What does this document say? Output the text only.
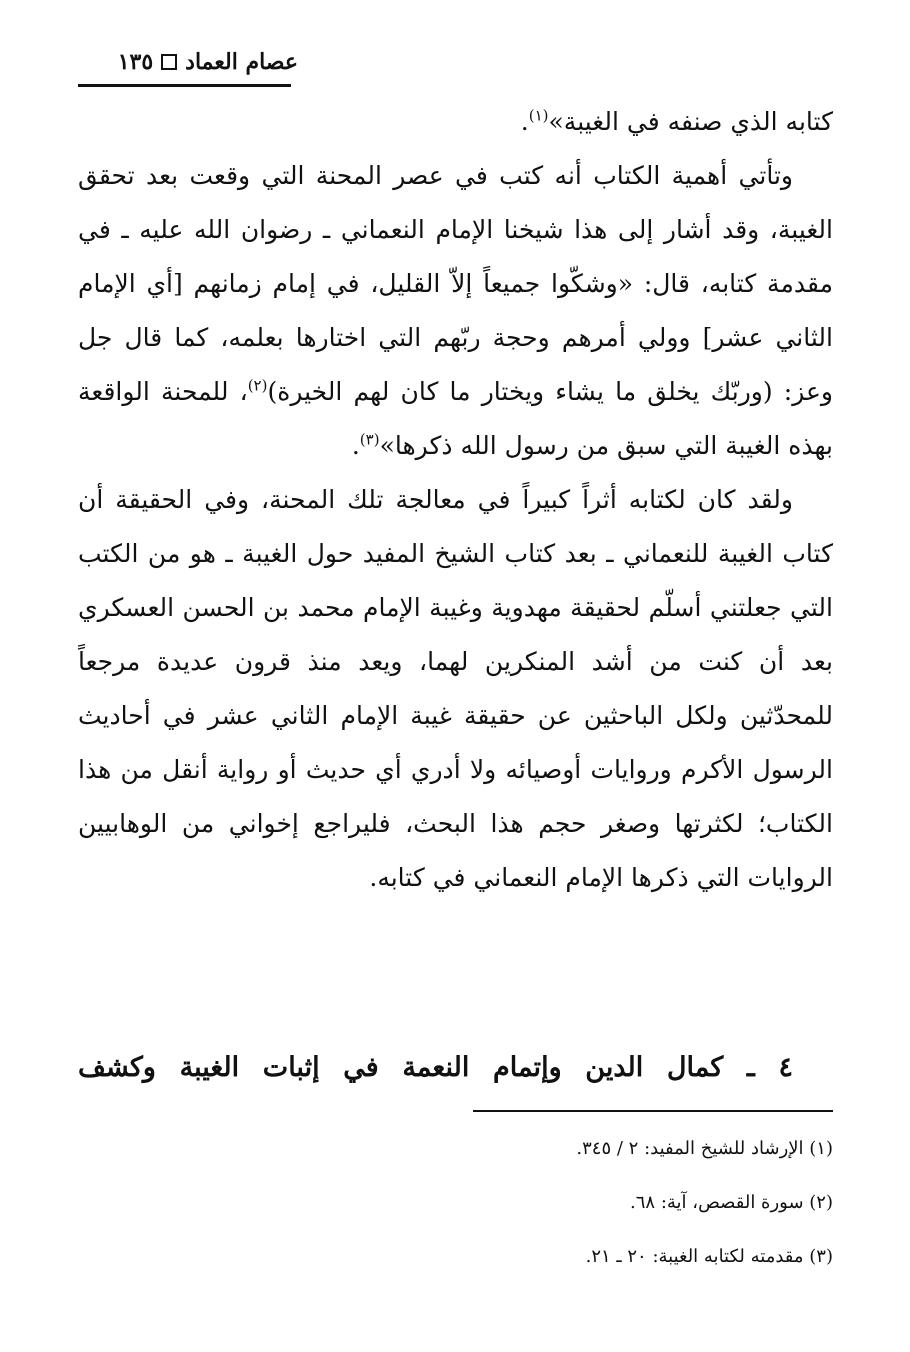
عصام العماد
١٣٥

كتابه الذي صنفه في الغيبة»$^{(١)}$.

وتأتي أهمية الكتاب أنه كتب في عصر المحنة التي وقعت بعد تحقق الغيبة، وقد أشار إلى هذا شيخنا الإمام النعماني ـ رضوان الله عليه ـ في مقدمة كتابه، قال: «وشكّوا جميعاً إلاّ القليل، في إمام زمانهم [أي الإمام الثاني عشر] وولي أمرهم وحجة ربّهم التي اختارها بعلمه، كما قال جل وعز: (وربّك يخلق ما يشاء ويختار ما كان لهم الخيرة)$^{(٢)}$، للمحنة الواقعة بهذه الغيبة التي سبق من رسول الله ذكرها»$^{(٣)}$.

ولقد كان لكتابه أثراً كبيراً في معالجة تلك المحنة، وفي الحقيقة أن كتاب الغيبة للنعماني ـ بعد كتاب الشيخ المفيد حول الغيبة ـ هو من الكتب التي جعلتني أسلّم لحقيقة مهدوية وغيبة الإمام محمد بن الحسن العسكري بعد أن كنت من أشد المنكرين لهما، ويعد منذ قرون عديدة مرجعاً للمحدّثين ولكل الباحثين عن حقيقة غيبة الإمام الثاني عشر في أحاديث الرسول الأكرم وروايات أوصيائه ولا أدري أي حديث أو رواية أنقل من هذا الكتاب؛ لكثرتها وصغر حجم هذا البحث، فليراجع إخواني من الوهابيين الروايات التي ذكرها الإمام النعماني في كتابه.

٤ ـ كمال الدين وإتمام النعمة في إثبات الغيبة وكشف

(١) الإرشاد للشيخ المفيد: ٢ / ٣٤٥.

(٢) سورة القصص، آية: ٦٨.

(٣) مقدمته لكتابه الغيبة: ٢٠ ـ ٢١.
